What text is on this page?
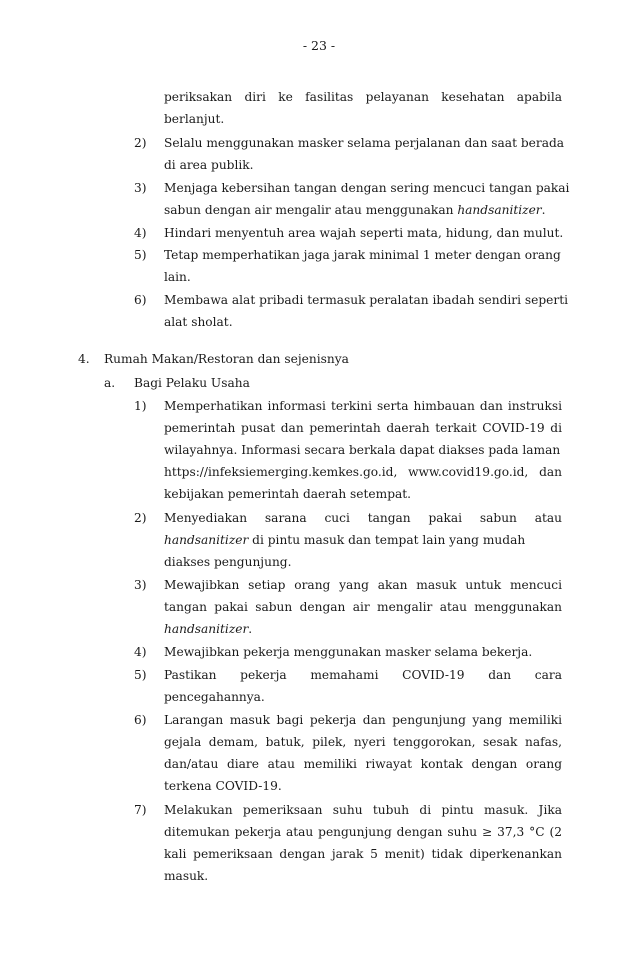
- 23 -
periksakan diri ke fasilitas pelayanan kesehatan apabila
berlanjut.
2) Selalu menggunakan masker selama perjalanan dan saat berada
di area publik.
3) Menjaga kebersihan tangan dengan sering mencuci tangan pakai
sabun dengan air mengalir atau menggunakan handsanitizer.
4) Hindari menyentuh area wajah seperti mata, hidung, dan mulut.
5) Tetap memperhatikan jaga jarak minimal 1 meter dengan orang
lain.
6) Membawa alat pribadi termasuk peralatan ibadah sendiri seperti
alat sholat.
4. Rumah Makan/Restoran dan sejenisnya
a. Bagi Pelaku Usaha
1) Memperhatikan informasi terkini serta himbauan dan instruksi
pemerintah pusat dan pemerintah daerah terkait COVID-19 di
wilayahnya. Informasi secara berkala dapat diakses pada laman
https://infeksiemerging.kemkes.go.id, www.covid19.go.id, dan
kebijakan pemerintah daerah setempat.
2) Menyediakan sarana cuci tangan pakai sabun atau
handsanitizer di pintu masuk dan tempat lain yang mudah
diakses pengunjung.
3) Mewajibkan setiap orang yang akan masuk untuk mencuci
tangan pakai sabun dengan air mengalir atau menggunakan
handsanitizer.
4) Mewajibkan pekerja menggunakan masker selama bekerja.
5) Pastikan pekerja memahami COVID-19 dan cara
pencegahannya.
6) Larangan masuk bagi pekerja dan pengunjung yang memiliki
gejala demam, batuk, pilek, nyeri tenggorokan, sesak nafas,
dan/atau diare atau memiliki riwayat kontak dengan orang
terkena COVID-19.
7) Melakukan pemeriksaan suhu tubuh di pintu masuk. Jika
ditemukan pekerja atau pengunjung dengan suhu ≥ 37,3 °C (2
kali pemeriksaan dengan jarak 5 menit) tidak diperkenankan
masuk.
